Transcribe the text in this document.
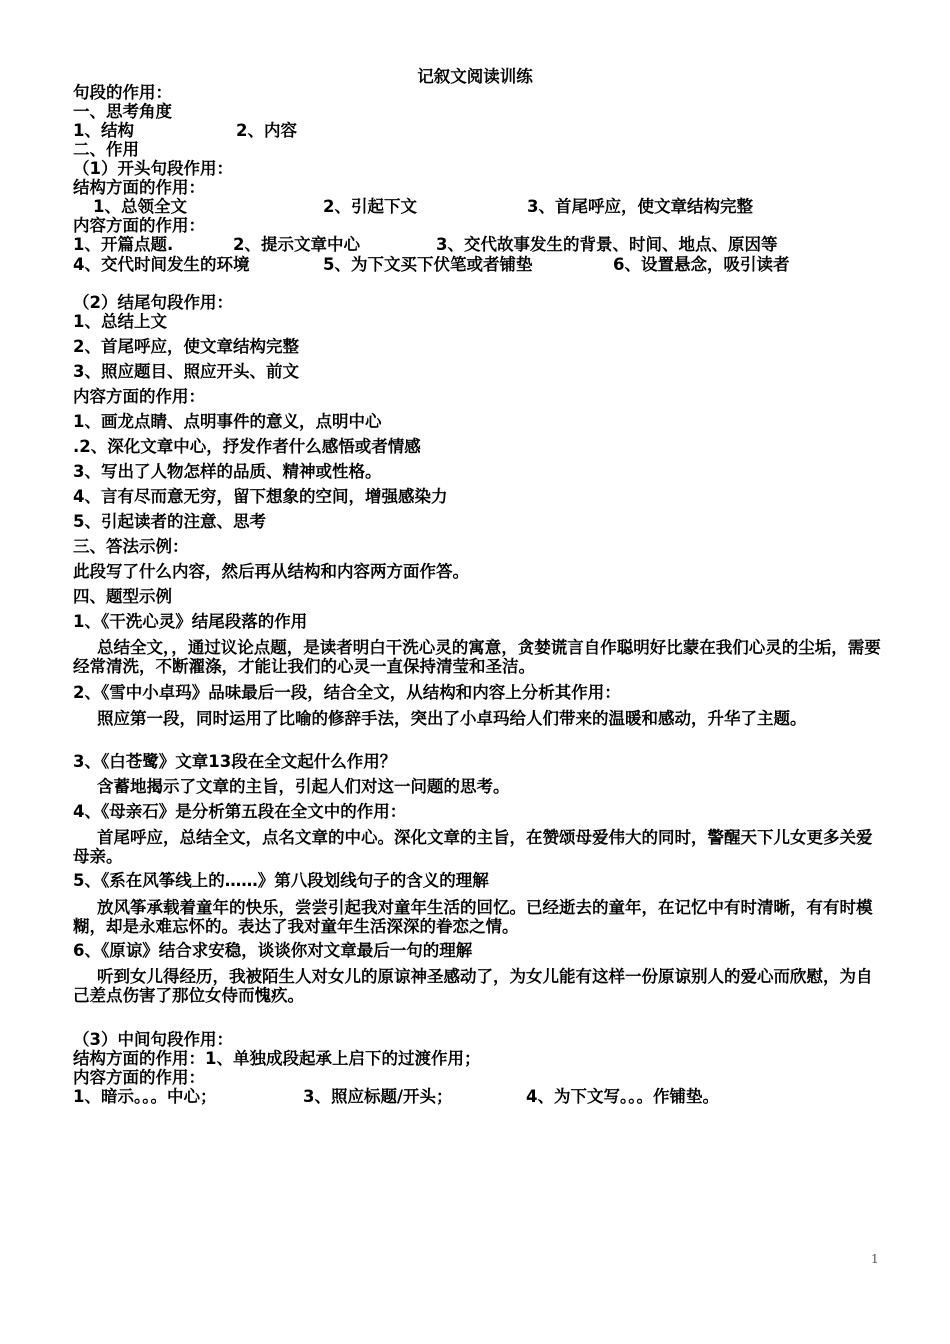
记叙文阅读训练
句段的作用：
一、思考角度
1、结构	2、内容
二、作用
（1）开头句段作用：
结构方面的作用：
1、总领全文	2、引起下文	3、首尾呼应，使文章结构完整
内容方面的作用：
1、开篇点题.	2、提示文章中心	3、交代故事发生的背景、时间、地点、原因等
4、交代时间发生的环境	5、为下文买下伏笔或者铺垫	6、设置悬念，吸引读者
（2）结尾句段作用：
1、总结上文
2、首尾呼应，使文章结构完整
3、照应题目、照应开头、前文
内容方面的作用：
1、画龙点睛、点明事件的意义，点明中心
.2、深化文章中心，抒发作者什么感悟或者情感
3、写出了人物怎样的品质、精神或性格。
4、言有尽而意无穷，留下想象的空间，增强感染力
5、引起读者的注意、思考
三、答法示例：
此段写了什么内容，然后再从结构和内容两方面作答。
四、题型示例
1、《干洗心灵》结尾段落的作用
总结全文，，通过议论点题，是读者明白干洗心灵的寓意，贪婪谎言自作聪明好比蒙在我们心灵的尘垢，需要经常清洗，不断濯涤，才能让我们的心灵一直保持清莹和圣洁。
2、《雪中小卓玛》品味最后一段，结合全文，从结构和内容上分析其作用：
照应第一段，同时运用了比喻的修辞手法，突出了小卓玛给人们带来的温暖和感动，升华了主题。
3、《白苍鹭》文章13段在全文起什么作用？
含蓄地揭示了文章的主旨，引起人们对这一问题的思考。
4、《母亲石》是分析第五段在全文中的作用：
首尾呼应，总结全文，点名文章的中心。深化文章的主旨，在赞颂母爱伟大的同时，警醒天下儿女更多关爱母亲。
5、《系在风筝线上的……》第八段划线句子的含义的理解
放风筝承载着童年的快乐，尝尝引起我对童年生活的回忆。已经逝去的童年，在记忆中有时清晰，有有时模糊，却是永难忘怀的。表达了我对童年生活深深的眷恋之情。
6、《原谅》结合求安稳，谈谈你对文章最后一句的理解
听到女儿得经历，我被陌生人对女儿的原谅神圣感动了，为女儿能有这样一份原谅别人的爱心而欣慰，为自己差点伤害了那位女侍而愧疚。
（3）中间句段作用：
结构方面的作用：1、单独成段起承上启下的过渡作用；
内容方面的作用：
1、暗示。。。中心；	3、照应标题/开头；	4、为下文写。。。作铺垫。
1
